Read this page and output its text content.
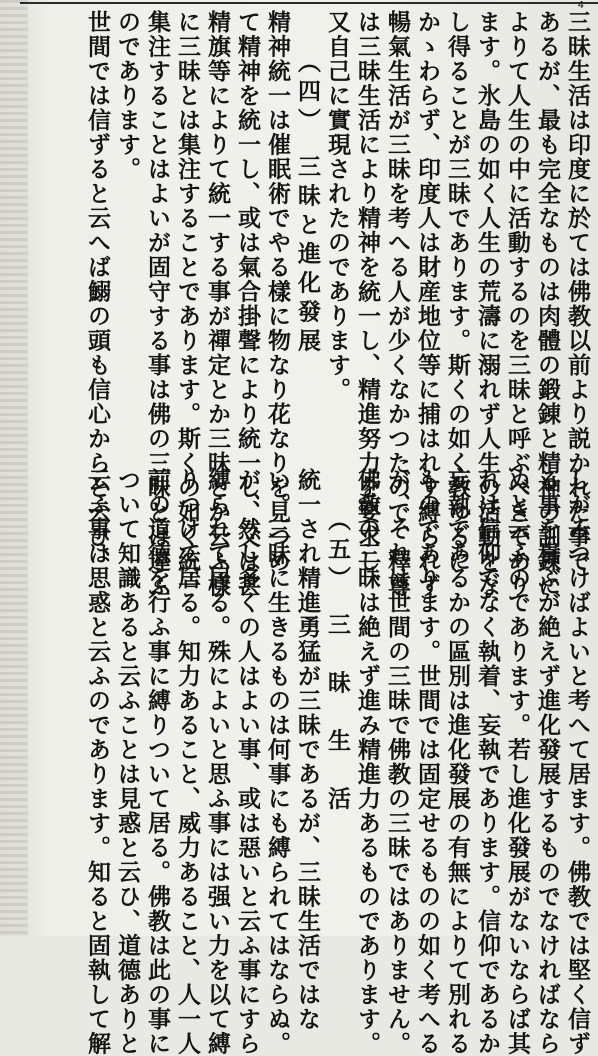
4
三昧生活は印度に於ては佛教以前より説かれた事で
あるが、最も完全なものは肉體の鍛錬と精神の訓錬に
よりて人生の中に活動するのを三昧と呼ぶべきであり
ます。氷島の如く人生の荒濤に溺れず人生の活動をな
し得ることが三昧であります。斯くの如く敎ゆるに
かゝわらず、印度人は財産地位等に捕はれす縛られず
暢氣生活が三昧を考へる人が少くなかつたので、釋尊
は三昧生活により精神を統一し、精進努力を要求し、
又自己に實現されたのであります。
（四）　三昧と進化發展
精神統一は催眠術でやる樣に物なり花なりを見つめ
て精神を統一し、或は氣合掛聲により統一し、又は甚
精旗等によりて統一する事が禪定とか三昧とか云ふ樣
に三昧とは集注することであります。斯くの如く統一
集注することはよいが固守する事は佛の三昧とは違ふ
のであります。
世間では信ずると云へば鰯の頭も信心からと云ひ、
しがみつけばよいと考へて居ます。佛教では堅く信ず
る事を貴ぶが絶えず進化發展するものでなければなら
ぬと云ふのであります。若し進化發展がないならば其
れは信仰でなく執着、妄執であります。信仰であるか
妄執であるかの區別は進化發展の有無によりて別れる
ものであります。世間では固定せるものの如く考へる
が、それは世間の三昧で佛教の三昧ではありません。
佛敎の三昧は絶えず進み精進力あるものであります。
（五）　三　昧　生　活
統一され精進勇猛が三昧であるが、三昧生活ではな
い。三昧に生きるものは何事にも縛られてはならぬ。
が、然し多くの人はよい事、或は惡いと云ふ事にすら
縛られて居る。殊によいと思ふ事には强い力を以て縛
りつけて居る。知力あること、威力あること、人一人
前の道徳を行ふ事に縛りついて居る。佛教は此の事に
ついて知識あると云ふことは見惑と云ひ、道德ありと
云ふ事は思惑と云ふのであります。知ると固執して解
